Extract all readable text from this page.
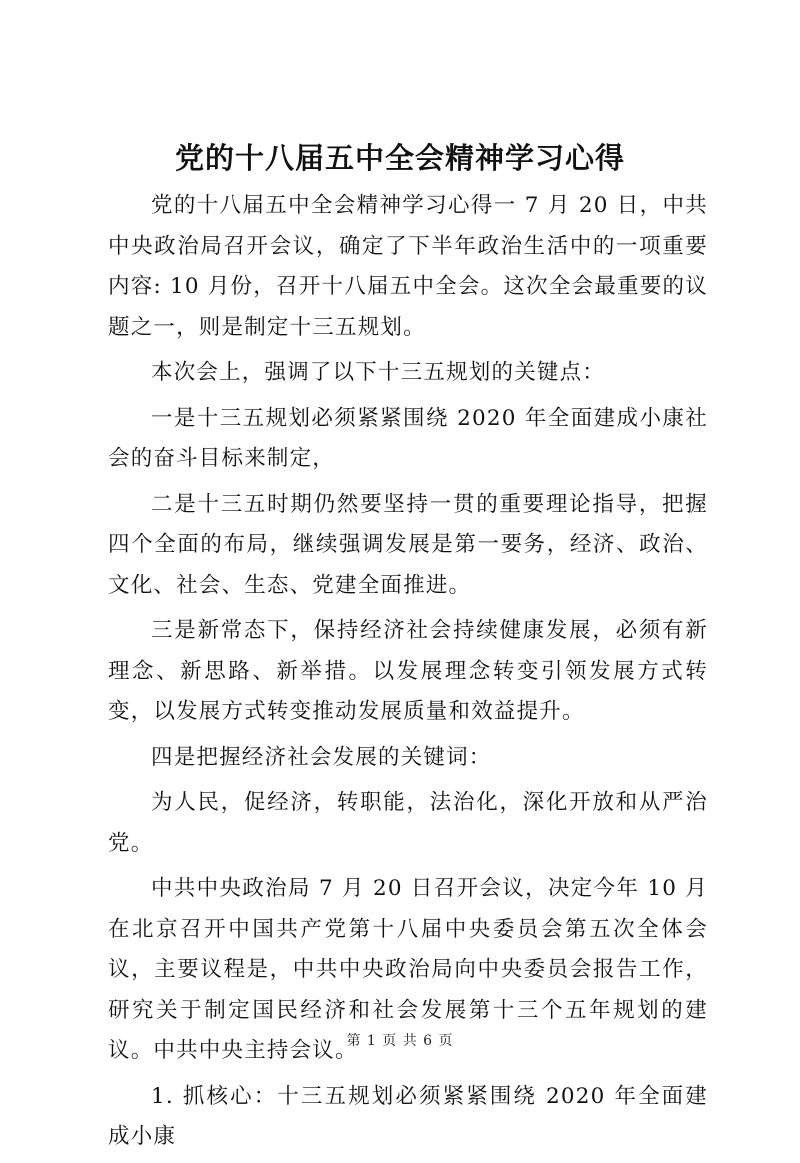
党的十八届五中全会精神学习心得

党的十八届五中全会精神学习心得一 7 月 20 日，中共中央政治局召开会议，确定了下半年政治生活中的一项重要内容: 10 月份，召开十八届五中全会。这次全会最重要的议题之一，则是制定十三五规划。

本次会上，强调了以下十三五规划的关键点：

一是十三五规划必须紧紧围绕 2020 年全面建成小康社会的奋斗目标来制定，

二是十三五时期仍然要坚持一贯的重要理论指导，把握四个全面的布局，继续强调发展是第一要务，经济、政治、文化、社会、生态、党建全面推进。

三是新常态下，保持经济社会持续健康发展，必须有新理念、新思路、新举措。以发展理念转变引领发展方式转变，以发展方式转变推动发展质量和效益提升。

四是把握经济社会发展的关键词：

为人民，促经济，转职能，法治化，深化开放和从严治党。

中共中央政治局 7 月 20 日召开会议，决定今年 10 月在北京召开中国共产党第十八届中央委员会第五次全体会议，主要议程是，中共中央政治局向中央委员会报告工作，研究关于制定国民经济和社会发展第十三个五年规划的建议。中共中央主持会议。

1. 抓核心：十三五规划必须紧紧围绕 2020 年全面建成小康

第 1 页 共 6 页
